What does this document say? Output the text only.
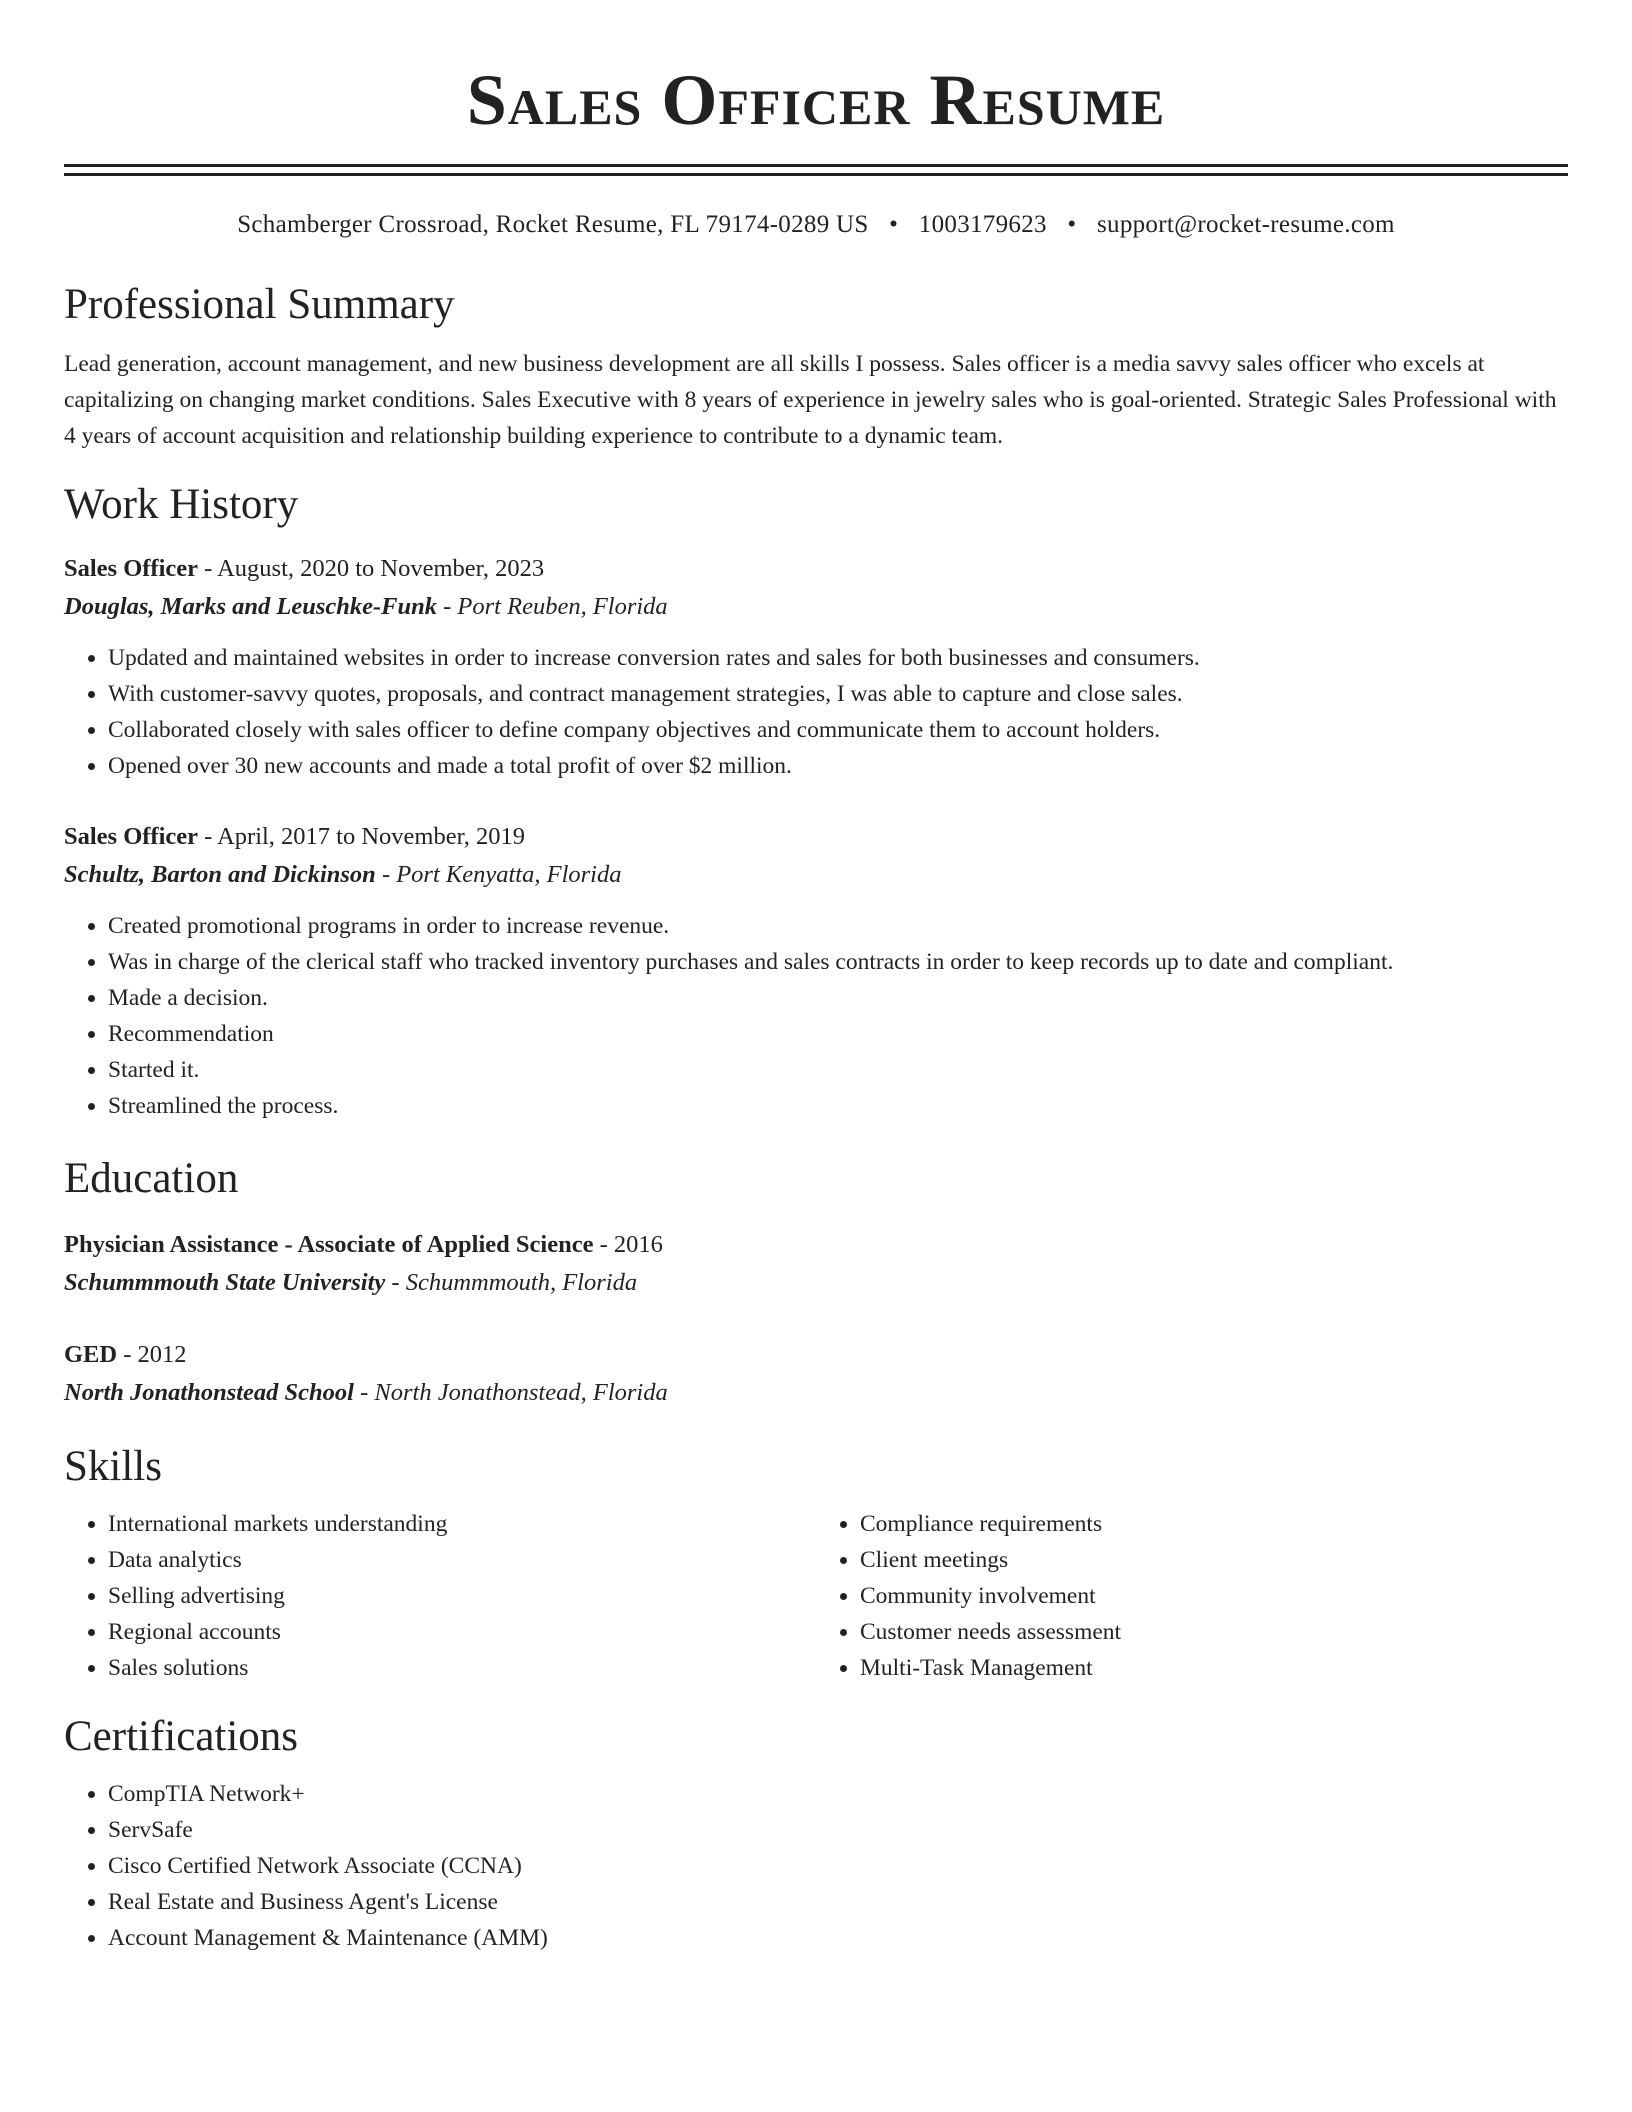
Sales Officer Resume
Schamberger Crossroad, Rocket Resume, FL 79174-0289 US • 1003179623 • support@rocket-resume.com
Professional Summary
Lead generation, account management, and new business development are all skills I possess. Sales officer is a media savvy sales officer who excels at capitalizing on changing market conditions. Sales Executive with 8 years of experience in jewelry sales who is goal-oriented. Strategic Sales Professional with 4 years of account acquisition and relationship building experience to contribute to a dynamic team.
Work History
Sales Officer - August, 2020 to November, 2023
Douglas, Marks and Leuschke-Funk - Port Reuben, Florida
• Updated and maintained websites in order to increase conversion rates and sales for both businesses and consumers.
• With customer-savvy quotes, proposals, and contract management strategies, I was able to capture and close sales.
• Collaborated closely with sales officer to define company objectives and communicate them to account holders.
• Opened over 30 new accounts and made a total profit of over $2 million.
Sales Officer - April, 2017 to November, 2019
Schultz, Barton and Dickinson - Port Kenyatta, Florida
• Created promotional programs in order to increase revenue.
• Was in charge of the clerical staff who tracked inventory purchases and sales contracts in order to keep records up to date and compliant.
• Made a decision.
• Recommendation
• Started it.
• Streamlined the process.
Education
Physician Assistance - Associate of Applied Science - 2016
Schummmouth State University - Schummmouth, Florida
GED - 2012
North Jonathonstead School - North Jonathonstead, Florida
Skills
• International markets understanding
• Data analytics
• Selling advertising
• Regional accounts
• Sales solutions
• Compliance requirements
• Client meetings
• Community involvement
• Customer needs assessment
• Multi-Task Management
Certifications
• CompTIA Network+
• ServSafe
• Cisco Certified Network Associate (CCNA)
• Real Estate and Business Agent's License
• Account Management & Maintenance (AMM)
